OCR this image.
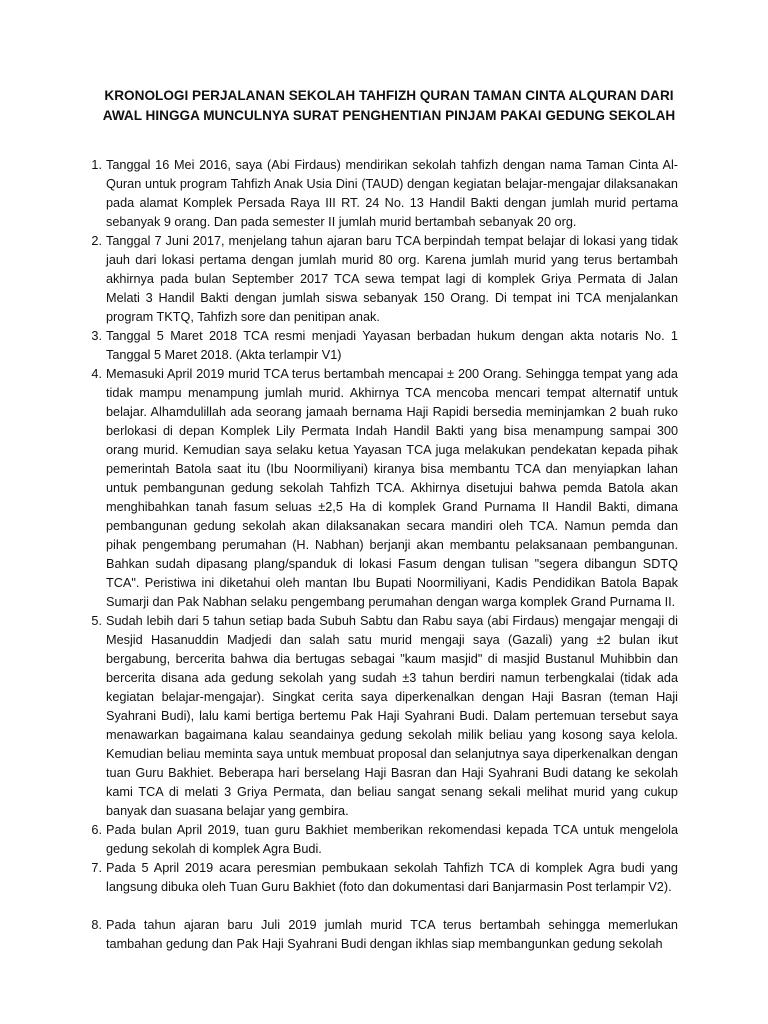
KRONOLOGI PERJALANAN SEKOLAH TAHFIZH QURAN TAMAN CINTA ALQURAN DARI AWAL HINGGA MUNCULNYA SURAT PENGHENTIAN PINJAM PAKAI GEDUNG SEKOLAH
1. Tanggal 16 Mei 2016, saya (Abi Firdaus) mendirikan sekolah tahfizh dengan nama Taman Cinta Al-Quran untuk program Tahfizh Anak Usia Dini (TAUD) dengan kegiatan belajar-mengajar dilaksanakan pada alamat Komplek Persada Raya III RT. 24 No. 13 Handil Bakti dengan jumlah murid pertama sebanyak 9 orang. Dan pada semester II jumlah murid bertambah sebanyak 20 org.
2. Tanggal 7 Juni 2017, menjelang tahun ajaran baru TCA berpindah tempat belajar di lokasi yang tidak jauh dari lokasi pertama dengan jumlah murid 80 org. Karena jumlah murid yang terus bertambah akhirnya pada bulan September 2017 TCA sewa tempat lagi di komplek Griya Permata di Jalan Melati 3 Handil Bakti dengan jumlah siswa sebanyak 150 Orang. Di tempat ini TCA menjalankan program TKTQ, Tahfizh sore dan penitipan anak.
3. Tanggal 5 Maret 2018 TCA resmi menjadi Yayasan berbadan hukum dengan akta notaris No. 1 Tanggal 5 Maret 2018. (Akta terlampir V1)
4. Memasuki April 2019 murid TCA terus bertambah mencapai ± 200 Orang. Sehingga tempat yang ada tidak mampu menampung jumlah murid. Akhirnya TCA mencoba mencari tempat alternatif untuk belajar. Alhamdulillah ada seorang jamaah bernama Haji Rapidi bersedia meminjamkan 2 buah ruko berlokasi di depan Komplek Lily Permata Indah Handil Bakti yang bisa menampung sampai 300 orang murid. Kemudian saya selaku ketua Yayasan TCA juga melakukan pendekatan kepada pihak pemerintah Batola saat itu (Ibu Noormiliyani) kiranya bisa membantu TCA dan menyiapkan lahan untuk pembangunan gedung sekolah Tahfizh TCA. Akhirnya disetujui bahwa pemda Batola akan menghibahkan tanah fasum seluas ±2,5 Ha di komplek Grand Purnama II Handil Bakti, dimana pembangunan gedung sekolah akan dilaksanakan secara mandiri oleh TCA. Namun pemda dan pihak pengembang perumahan (H. Nabhan) berjanji akan membantu pelaksanaan pembangunan. Bahkan sudah dipasang plang/spanduk di lokasi Fasum dengan tulisan "segera dibangun SDTQ TCA". Peristiwa ini diketahui oleh mantan Ibu Bupati Noormiliyani, Kadis Pendidikan Batola Bapak Sumarji dan Pak Nabhan selaku pengembang perumahan dengan warga komplek Grand Purnama II.
5. Sudah lebih dari 5 tahun setiap bada Subuh Sabtu dan Rabu saya (abi Firdaus) mengajar mengaji di Mesjid Hasanuddin Madjedi dan salah satu murid mengaji saya (Gazali) yang ±2 bulan ikut bergabung, bercerita bahwa dia bertugas sebagai "kaum masjid" di masjid Bustanul Muhibbin dan bercerita disana ada gedung sekolah yang sudah ±3 tahun berdiri namun terbengkalai (tidak ada kegiatan belajar-mengajar). Singkat cerita saya diperkenalkan dengan Haji Basran (teman Haji Syahrani Budi), lalu kami bertiga bertemu Pak Haji Syahrani Budi. Dalam pertemuan tersebut saya menawarkan bagaimana kalau seandainya gedung sekolah milik beliau yang kosong saya kelola. Kemudian beliau meminta saya untuk membuat proposal dan selanjutnya saya diperkenalkan dengan tuan Guru Bakhiet. Beberapa hari berselang Haji Basran dan Haji Syahrani Budi datang ke sekolah kami TCA di melati 3 Griya Permata, dan beliau sangat senang sekali melihat murid yang cukup banyak dan suasana belajar yang gembira.
6. Pada bulan April 2019, tuan guru Bakhiet memberikan rekomendasi kepada TCA untuk mengelola gedung sekolah di komplek Agra Budi.
7. Pada 5 April 2019 acara peresmian pembukaan sekolah Tahfizh TCA di komplek Agra budi yang langsung dibuka oleh Tuan Guru Bakhiet (foto dan dokumentasi dari Banjarmasin Post terlampir V2).
8. Pada tahun ajaran baru Juli 2019 jumlah murid TCA terus bertambah sehingga memerlukan tambahan gedung dan Pak Haji Syahrani Budi dengan ikhlas siap membangunkan gedung sekolah
